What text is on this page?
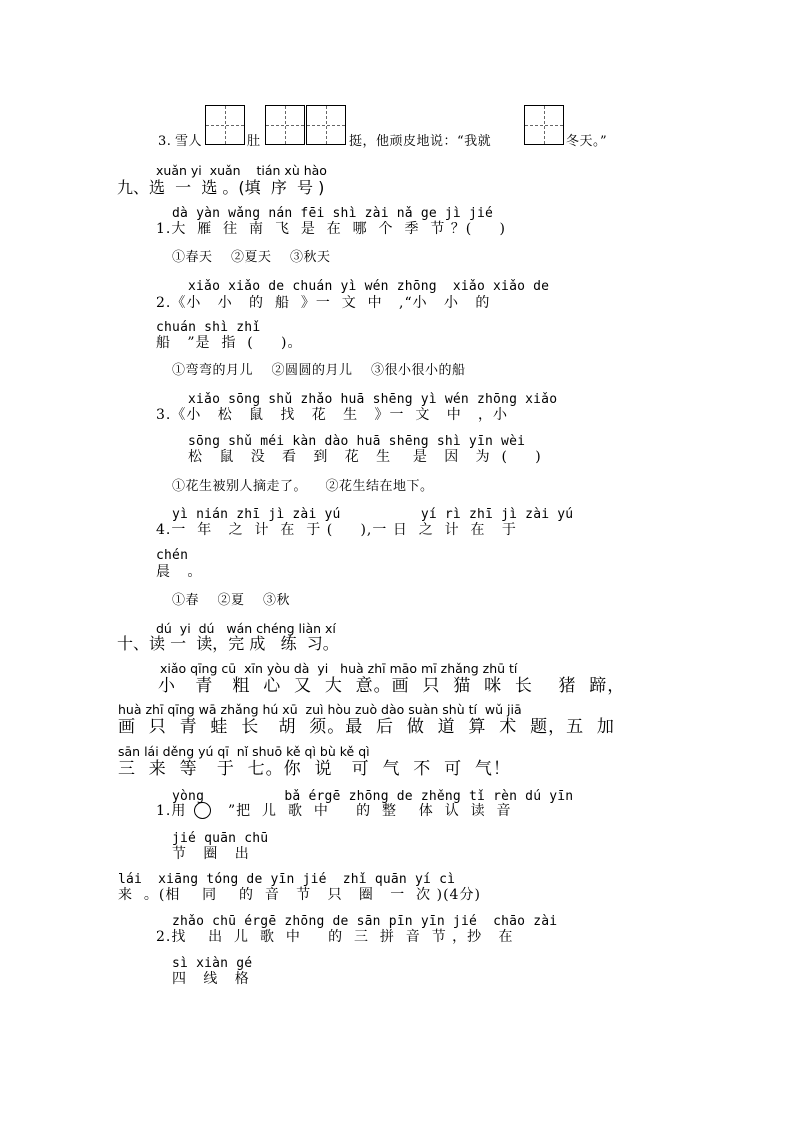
3. 雪人	肚	挺，他顽皮地说：“我就	冬天。”
xuǎn yi  xuǎn    tián xù hào
九、选  一  选 。(填  序  号 )
dà yàn wǎng nán fēi shì zài nǎ ge jì jié
1.大  雁  往  南  飞  是  在  哪  个  季  节 ？(     )
①春天    ②夏天    ③秋天
xiǎo xiǎo de chuán yì wén zhōng  xiǎo xiǎo de
2.《小   小   的  船  》一  文  中   ,“小   小   的
chuán shì zhǐ
船   ”是  指  (     )。
①弯弯的月儿    ②圆圆的月儿    ③很小很小的船
xiǎo sōng shǔ zhǎo huā shēng yì wén zhōng xiǎo
3.《小   松   鼠   找   花   生   》一  文   中   ，小
sōng shǔ méi kàn dào huā shēng shì yīn wèi
松   鼠   没   看   到   花   生    是   因   为  (     )
①花生被别人摘走了。    ②花生结在地下。
yì nián zhī jì zài yú          yí rì zhī jì zài yú
4.一  年   之  计  在  于 (     ),一 日  之  计  在   于
chén
晨   。
①春    ②夏    ③秋
dú  yi  dú   wán chéng liàn xí
十、读 一  读，完 成   练  习。
xiǎo qīng cū  xīn yòu dà  yi   huà zhī māo mī zhǎng zhū tí
小   青   粗  心  又  大  意。画  只  猫  咪  长    猪  蹄，
huà zhī qīng wā zhǎng hú xū  zuì hòu zuò dào suàn shù tí  wǔ jiā
画  只  青  蛙  长   胡  须。最  后  做  道  算  术  题，五  加
sān lái děng yú qī  nǐ shuō kě qì bù kě qì
三  来  等   于  七。你  说   可  气  不  可  气！
yòng          bǎ érgē zhōng de zhěng tǐ rèn dú yīn
1.用	”把  儿  歌  中     的  整    体  认  读  音
jié quān chū
节   圈   出
lái  xiāng tóng de yīn jié  zhǐ quān yí cì
来  。(相    同    的  音   节   只   圈   一  次 )(4分)
zhǎo chū érgē zhōng de sān pīn yīn jié  chāo zài
2.找    出  儿  歌  中     的  三  拼  音  节 ，抄   在
sì xiàn gé
四   线   格
